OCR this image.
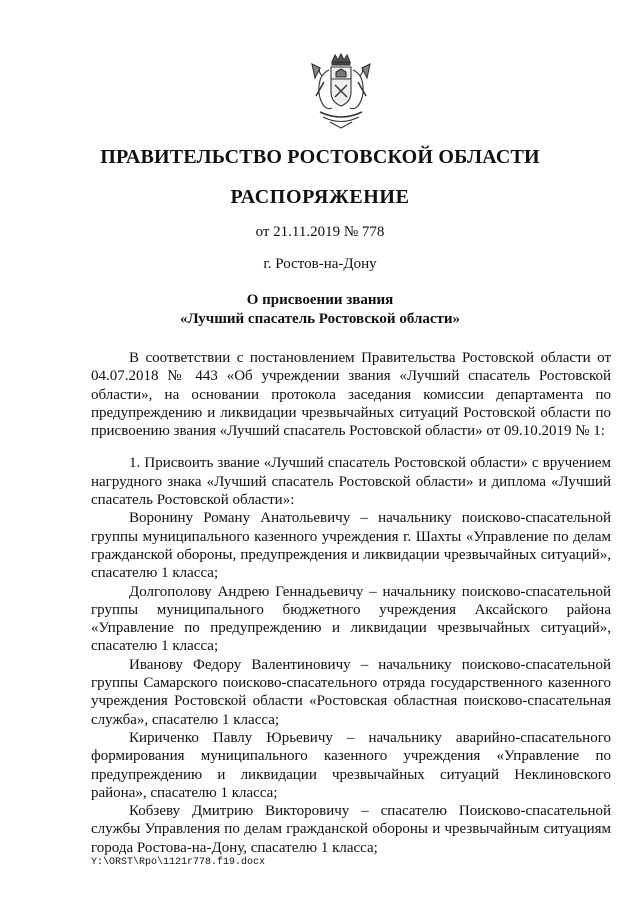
ПРАВИТЕЛЬСТВО РОСТОВСКОЙ ОБЛАСТИ
РАСПОРЯЖЕНИЕ
от 21.11.2019 № 778
г. Ростов-на-Дону
О присвоении звания
«Лучший спасатель Ростовской области»

В соответствии с постановлением Правительства Ростовской области от 04.07.2018 № 443 «Об учреждении звания «Лучший спасатель Ростовской области», на основании протокола заседания комиссии департамента по предупреждению и ликвидации чрезвычайных ситуаций Ростовской области по присвоению звания «Лучший спасатель Ростовской области» от 09.10.2019 № 1:

1. Присвоить звание «Лучший спасатель Ростовской области» с вручением нагрудного знака «Лучший спасатель Ростовской области» и диплома «Лучший спасатель Ростовской области»:

Воронину Роману Анатольевичу – начальнику поисково-спасательной группы муниципального казенного учреждения г. Шахты «Управление по делам гражданской обороны, предупреждения и ликвидации чрезвычайных ситуаций», спасателю 1 класса;

Долгополову Андрею Геннадьевичу – начальнику поисково-спасательной группы муниципального бюджетного учреждения Аксайского района «Управление по предупреждению и ликвидации чрезвычайных ситуаций», спасателю 1 класса;

Иванову Федору Валентиновичу – начальнику поисково-спасательной группы Самарского поисково-спасательного отряда государственного казенного учреждения Ростовской области «Ростовская областная поисково-спасательная служба», спасателю 1 класса;

Кириченко Павлу Юрьевичу – начальнику аварийно-спасательного формирования муниципального казенного учреждения «Управление по предупреждению и ликвидации чрезвычайных ситуаций Неклиновского района», спасателю 1 класса;

Кобзеву Дмитрию Викторовичу – спасателю Поисково-спасательной службы Управления по делам гражданской обороны и чрезвычайным ситуациям города Ростова-на-Дону, спасателю 1 класса;

Y:\ORST\Rpo\1121r778.f19.docx
